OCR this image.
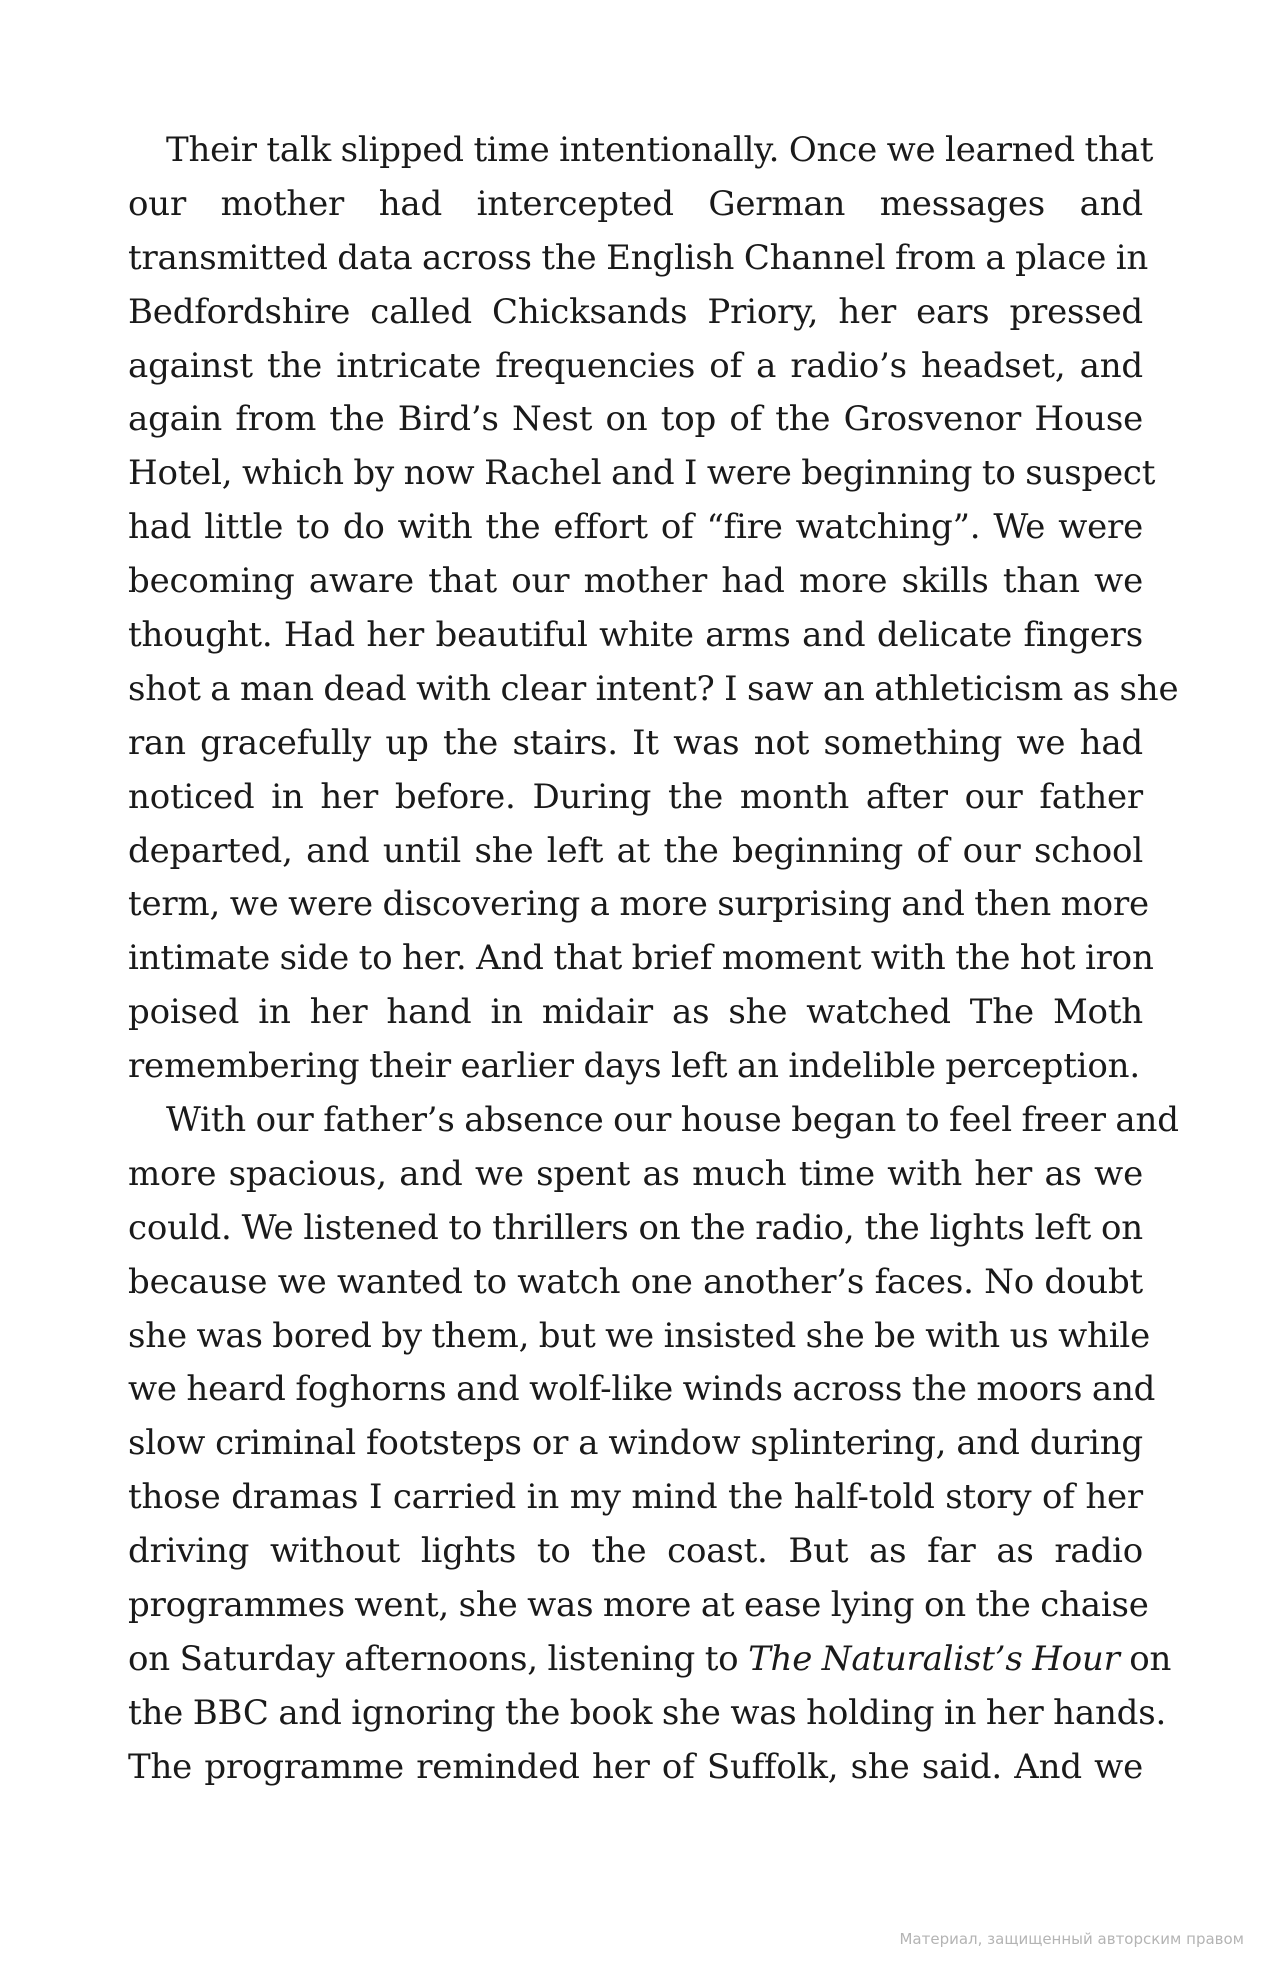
Their talk slipped time intentionally. Once we learned that
our mother had intercepted German messages and
transmitted data across the English Channel from a place in
Bedfordshire called Chicksands Priory, her ears pressed
against the intricate frequencies of a radio’s headset, and
again from the Bird’s Nest on top of the Grosvenor House
Hotel, which by now Rachel and I were beginning to suspect
had little to do with the effort of “fire watching”. We were
becoming aware that our mother had more skills than we
thought. Had her beautiful white arms and delicate fingers
shot a man dead with clear intent? I saw an athleticism as she
ran gracefully up the stairs. It was not something we had
noticed in her before. During the month after our father
departed, and until she left at the beginning of our school
term, we were discovering a more surprising and then more
intimate side to her. And that brief moment with the hot iron
poised in her hand in midair as she watched The Moth
remembering their earlier days left an indelible perception.
With our father’s absence our house began to feel freer and
more spacious, and we spent as much time with her as we
could. We listened to thrillers on the radio, the lights left on
because we wanted to watch one another’s faces. No doubt
she was bored by them, but we insisted she be with us while
we heard foghorns and wolf-like winds across the moors and
slow criminal footsteps or a window splintering, and during
those dramas I carried in my mind the half-told story of her
driving without lights to the coast. But as far as radio
programmes went, she was more at ease lying on the chaise
on Saturday afternoons, listening to The Naturalist’s Hour on
the BBC and ignoring the book she was holding in her hands.
The programme reminded her of Suffolk, she said. And we
Материал, защищенный авторским правом
